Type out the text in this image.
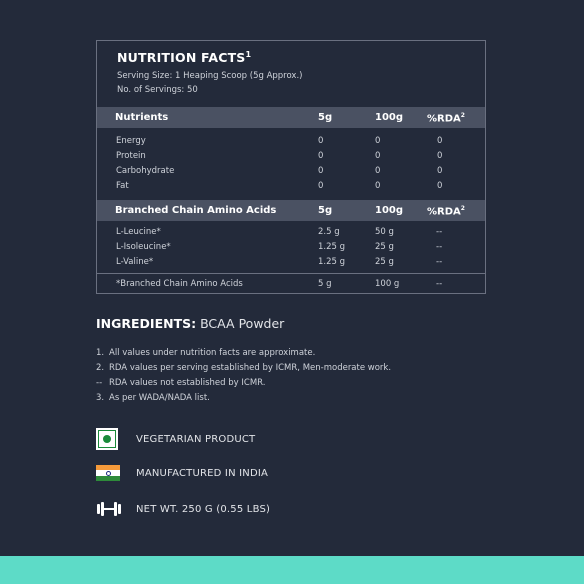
NUTRITION FACTS$^1$
Serving Size: 1 Heaping Scoop (5g Approx.)
No. of Servings: 50
Nutrients	5g	100g %RDA$^2$
Energy	0	0	0
Protein	0	0	0
Carbohydrate	0	0	0
Fat	0	0	0
Branched Chain Amino Acids	5g	100g %RDA$^2$
L-Leucine*	2.5 g	50 g	--
L-Isoleucine*	1.25 g	25 g	--
L-Valine*	1.25 g	25 g	--
*Branched Chain Amino Acids	5 g	100 g	--
INGREDIENTS: BCAA Powder
1. All values under nutrition facts are approximate.
2. RDA values per serving established by ICMR, Men-moderate work.
-- RDA values not established by ICMR.
3. As per WADA/NADA list.
VEGETARIAN PRODUCT
MANUFACTURED IN INDIA
NET WT. 250 G (0.55 LBS)
